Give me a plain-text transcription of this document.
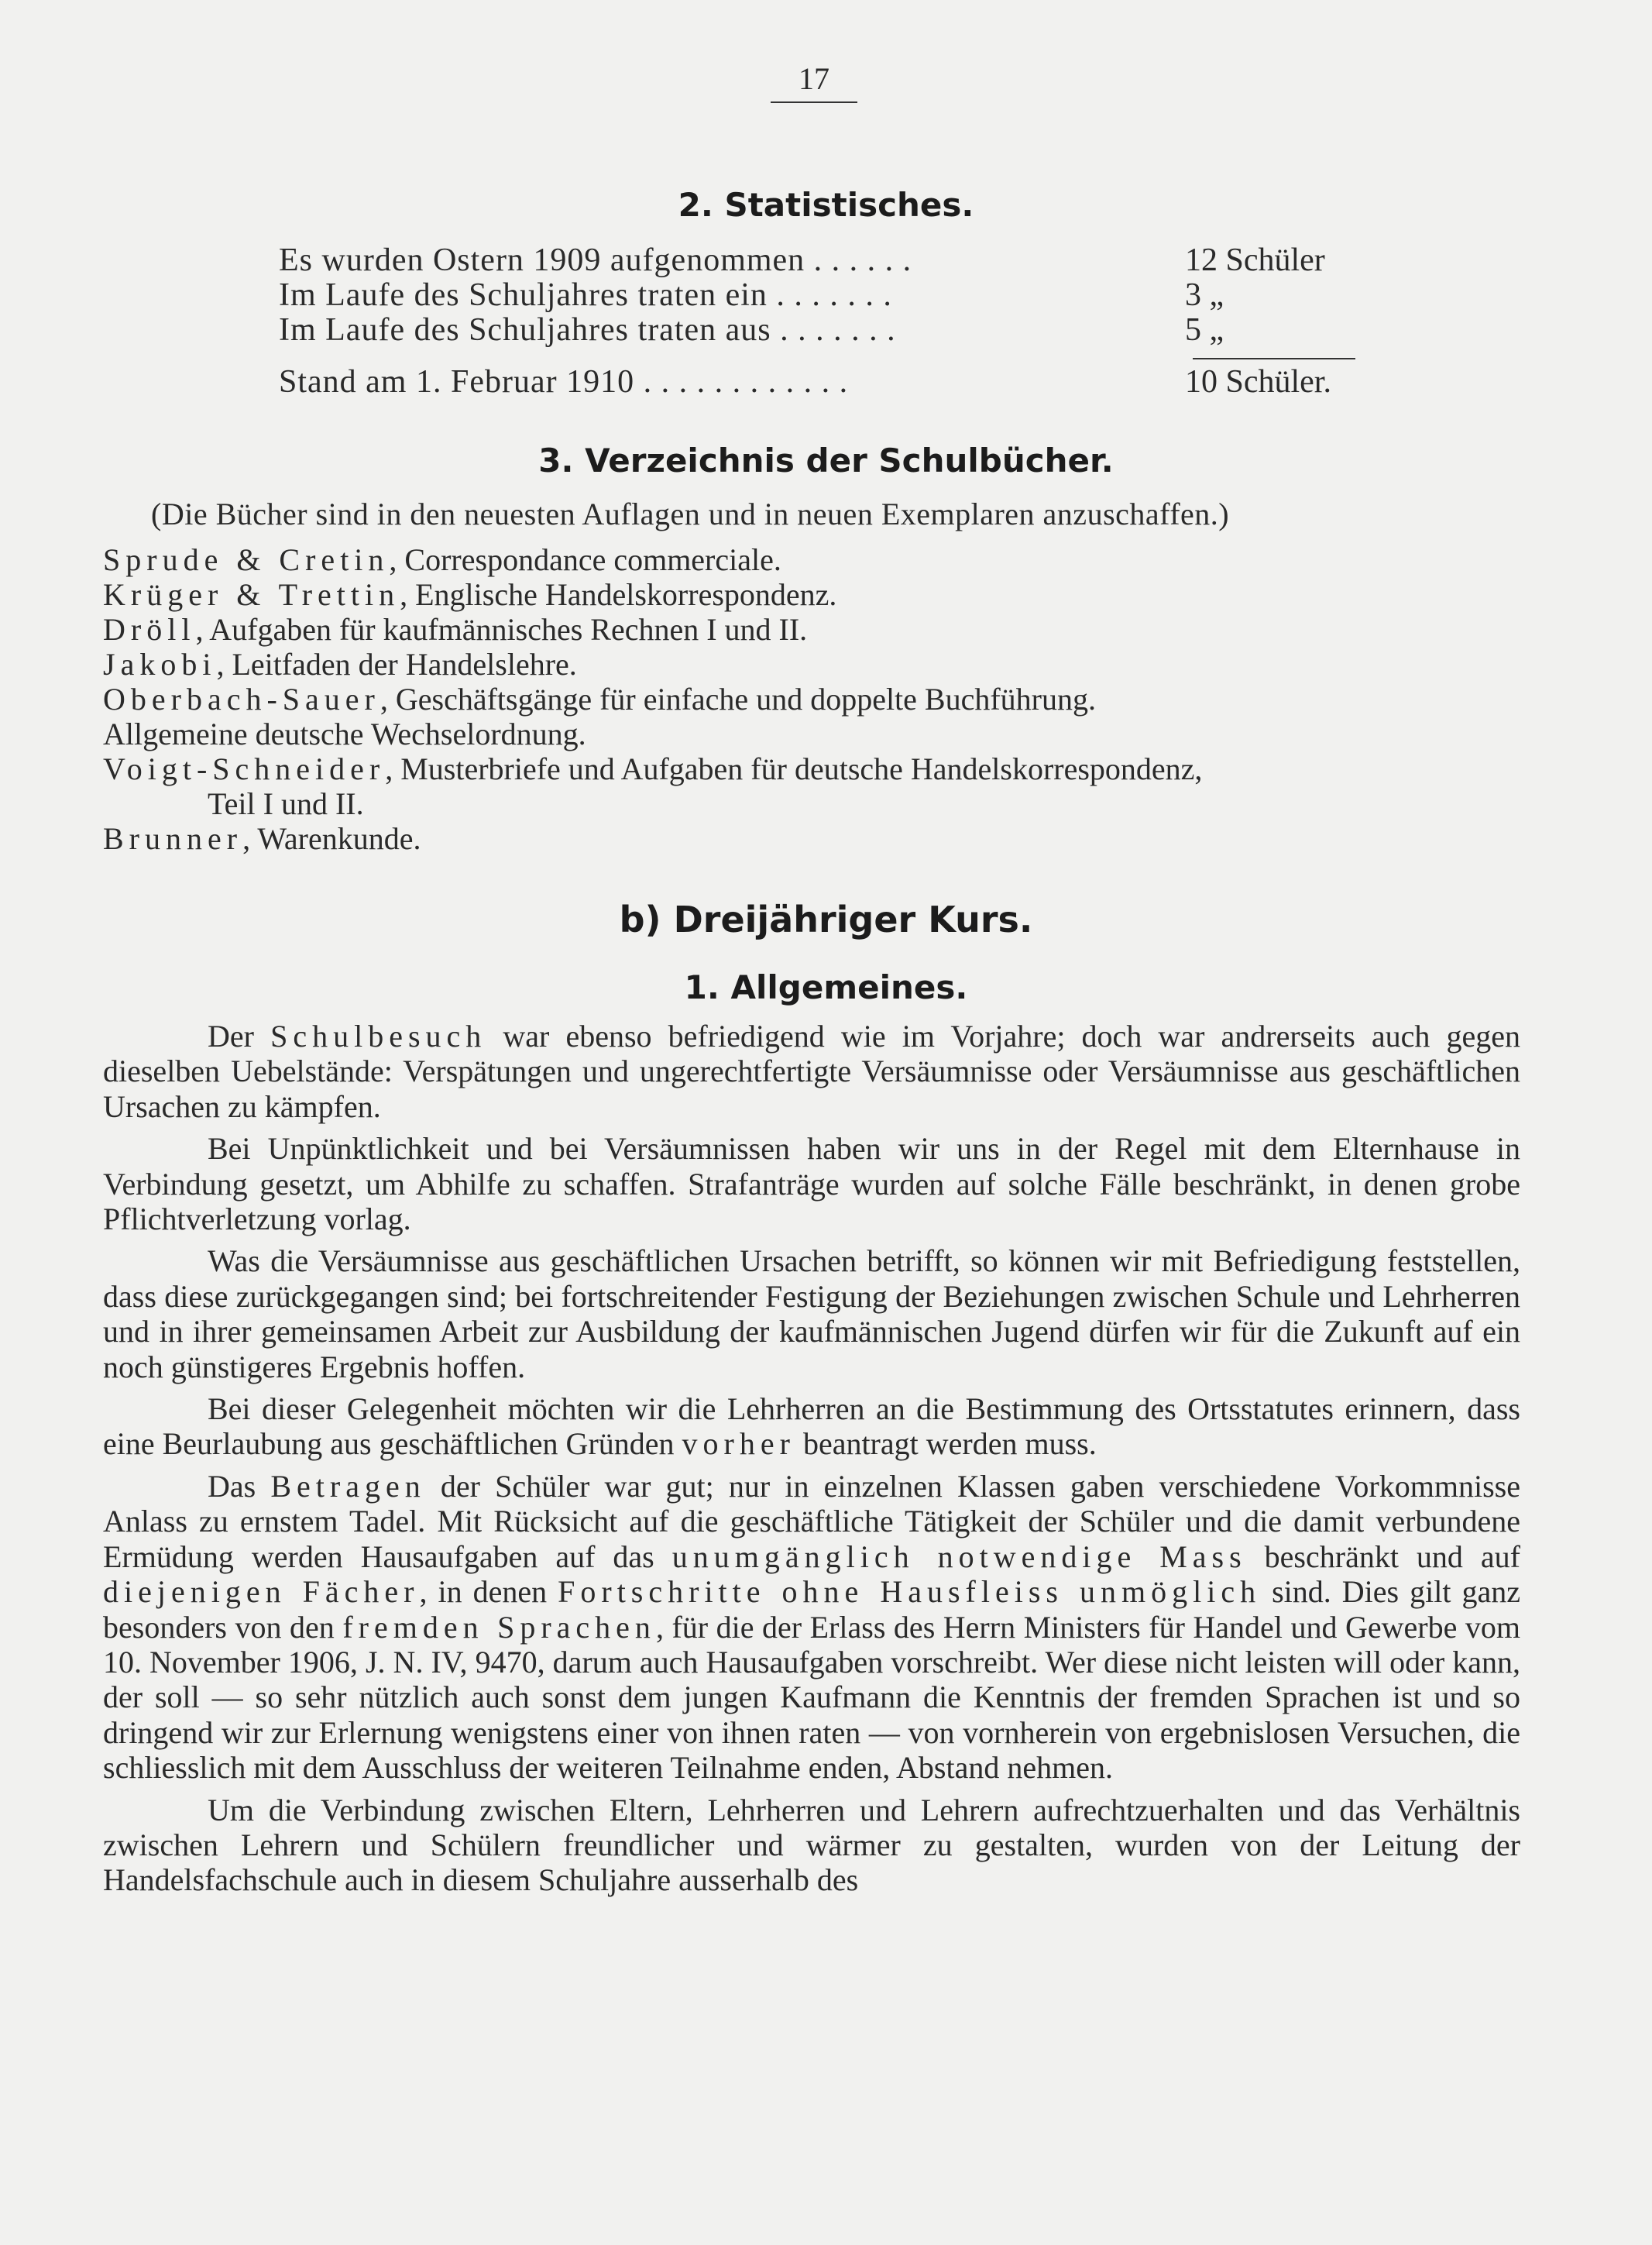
17
2. Statistisches.
Es wurden Ostern 1909 aufgenommen . . . . . .	12 Schüler
Im Laufe des Schuljahres traten ein . . . . . . .	3 „
Im Laufe des Schuljahres traten aus . . . . . . .	5 „
Stand am 1. Februar 1910 . . . . . . . . . . . .	10 Schüler.
3. Verzeichnis der Schulbücher.
(Die Bücher sind in den neuesten Auflagen und in neuen Exemplaren anzuschaffen.)
Sprude & Cretin, Correspondance commerciale.
Krüger & Trettin, Englische Handelskorrespondenz.
Dröll, Aufgaben für kaufmännisches Rechnen I und II.
Jakobi, Leitfaden der Handelslehre.
Oberbach-Sauer, Geschäftsgänge für einfache und doppelte Buchführung.
Allgemeine deutsche Wechselordnung.
Voigt-Schneider, Musterbriefe und Aufgaben für deutsche Handelskorrespondenz,
Teil I und II.
Brunner, Warenkunde.
b) Dreijähriger Kurs.
1. Allgemeines.

Der Schulbesuch war ebenso befriedigend wie im Vorjahre; doch war andrerseits auch gegen dieselben Uebelstände: Verspätungen und ungerechtfertigte Versäumnisse oder Versäumnisse aus geschäftlichen Ursachen zu kämpfen.

Bei Unpünktlichkeit und bei Versäumnissen haben wir uns in der Regel mit dem Elternhause in Verbindung gesetzt, um Abhilfe zu schaffen. Strafanträge wurden auf solche Fälle beschränkt, in denen grobe Pflichtverletzung vorlag.

Was die Versäumnisse aus geschäftlichen Ursachen betrifft, so können wir mit Befriedigung feststellen, dass diese zurückgegangen sind; bei fortschreitender Festigung der Beziehungen zwischen Schule und Lehrherren und in ihrer gemeinsamen Arbeit zur Ausbildung der kaufmännischen Jugend dürfen wir für die Zukunft auf ein noch günstigeres Ergebnis hoffen.

Bei dieser Gelegenheit möchten wir die Lehrherren an die Bestimmung des Ortsstatutes erinnern, dass eine Beurlaubung aus geschäftlichen Gründen vorher beantragt werden muss.

Das Betragen der Schüler war gut; nur in einzelnen Klassen gaben verschiedene Vorkommnisse Anlass zu ernstem Tadel. Mit Rücksicht auf die geschäftliche Tätigkeit der Schüler und die damit verbundene Ermüdung werden Hausaufgaben auf das unumgänglich notwendige Mass beschränkt und auf diejenigen Fächer, in denen Fortschritte ohne Hausfleiss unmöglich sind. Dies gilt ganz besonders von den fremden Sprachen, für die der Erlass des Herrn Ministers für Handel und Gewerbe vom 10. November 1906, J. N. IV, 9470, darum auch Hausaufgaben vorschreibt. Wer diese nicht leisten will oder kann, der soll — so sehr nützlich auch sonst dem jungen Kaufmann die Kenntnis der fremden Sprachen ist und so dringend wir zur Erlernung wenigstens einer von ihnen raten — von vornherein von ergebnislosen Versuchen, die schliesslich mit dem Ausschluss der weiteren Teilnahme enden, Abstand nehmen.

Um die Verbindung zwischen Eltern, Lehrherren und Lehrern aufrechtzuerhalten und das Verhältnis zwischen Lehrern und Schülern freundlicher und wärmer zu gestalten, wurden von der Leitung der Handelsfachschule auch in diesem Schuljahre ausserhalb des
